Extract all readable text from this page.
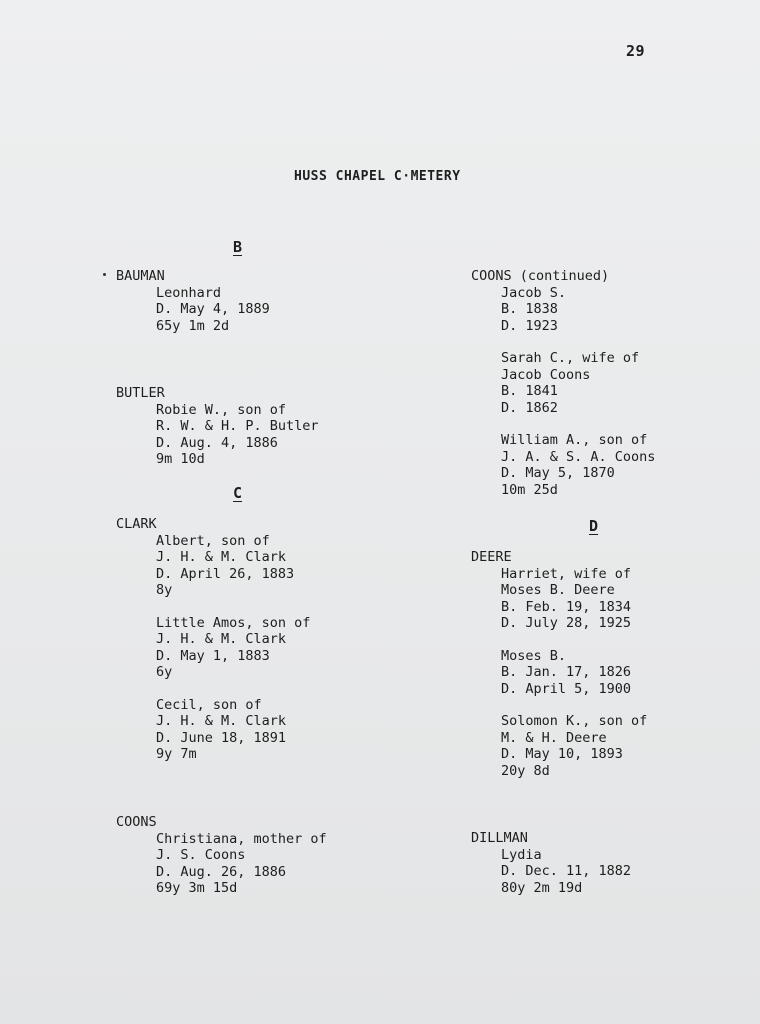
29
HUSS CHAPEL C·METERY
B
C
D
BAUMAN
Leonhard
D. May 4, 1889
65y 1m 2d
BUTLER
Robie W., son of
R. W. & H. P. Butler
D. Aug. 4, 1886
9m 10d
CLARK
Albert, son of
J. H. & M. Clark
D. April 26, 1883
8y
Little Amos, son of
J. H. & M. Clark
D. May 1, 1883
6y
Cecil, son of
J. H. & M. Clark
D. June 18, 1891
9y 7m
COONS
Christiana, mother of
J. S. Coons
D. Aug. 26, 1886
69y 3m 15d
COONS (continued)
Jacob S.
B. 1838
D. 1923
Sarah C., wife of
Jacob Coons
B. 1841
D. 1862
William A., son of
J. A. & S. A. Coons
D. May 5, 1870
10m 25d
DEERE
Harriet, wife of
Moses B. Deere
B. Feb. 19, 1834
D. July 28, 1925
Moses B.
B. Jan. 17, 1826
D. April 5, 1900
Solomon K., son of
M. & H. Deere
D. May 10, 1893
20y 8d
DILLMAN
Lydia
D. Dec. 11, 1882
80y 2m 19d
